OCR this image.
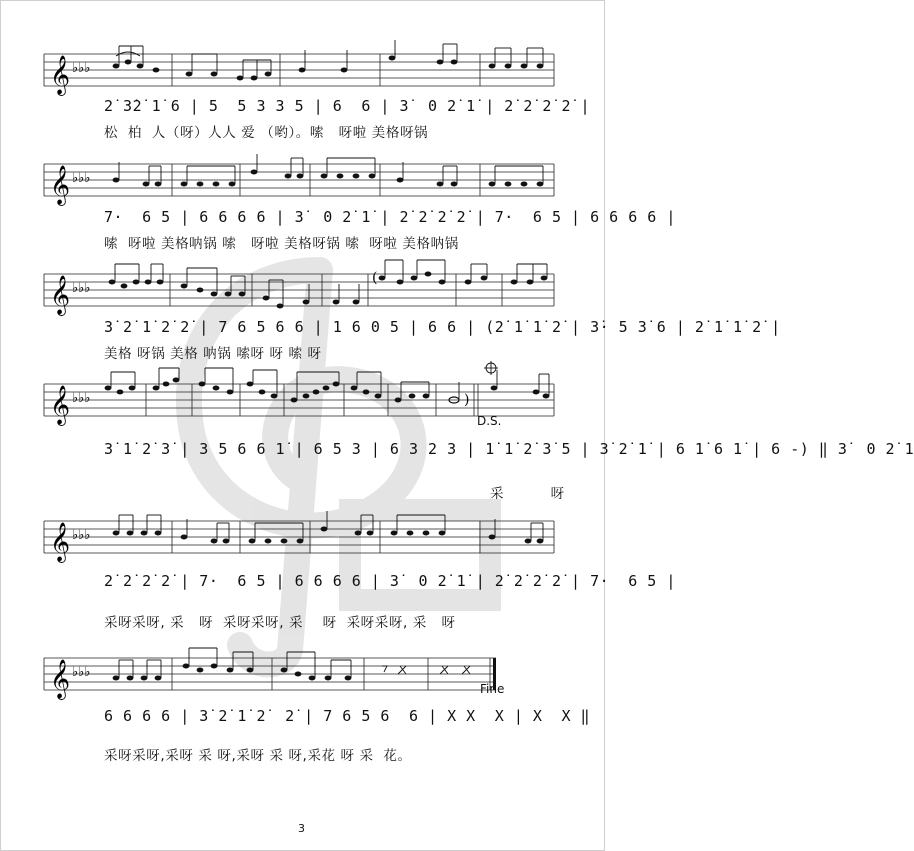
𝄞 ♭♭♭
2̇ 3̇2̇ 1̇ 6 | 5  5 3 3 5 | 6  6 | 3̇  0 2̇ 1̇ | 2̇ 2̇ 2̇ 2̇ |
松  柏  人（呀）人人 爱 （哟）。嗦   呀啦 美格呀锅
𝄞 ♭♭♭
7·  6 5 | 6 6 6 6 | 3̇  0 2̇ 1̇ | 2̇ 2̇ 2̇ 2̇ | 7·  6 5 | 6 6 6 6 |
嗦  呀啦 美格呐锅 嗦   呀啦 美格呀锅 嗦  呀啦 美格呐锅
𝄞 ♭♭♭
(
3̇ 2̇ 1̇ 2̇ 2̇ | 7 6 5 6 6 | 1 6 0 5 | 6 6 | (2̇ 1̇ 1̇ 2̇ | 3̇· 5 3̇ 6 | 2̇ 1̇ 1̇ 2̇ |
美格 呀锅 美格 呐锅 嗦呀 呀 嗦 呀
𝄞 ♭♭♭	)
D.S.
3̇ 1̇ 2̇ 3̇ | 3 5 6 6 1̇ | 6 5 3 | 6 3 2 3 | 1̇ 1̇ 2̇ 3̇ 5 | 3̇ 2̇ 1̇ | 6 1̇ 6 1̇ | 6 -) ‖ 3̇  0 2̇ 1̇
采    呀
𝄞 ♭♭♭
2̇ 2̇ 2̇ 2̇ | 7·  6 5 | 6 6 6 6 | 3̇  0 2̇ 1̇ | 2̇ 2̇ 2̇ 2̇ | 7·  6 5 |
采呀采呀, 采   呀  采呀采呀, 采    呀  采呀采呀, 采   呀
𝄞 ♭♭♭
Fine
6 6 6 6 | 3̇ 2̇ 1̇ 2̇  2̇ | 7 6 5 6  6 | X X  X | X  X ‖
采呀采呀,采呀 采 呀,采呀 采 呀,采花 呀 采  花。
3
